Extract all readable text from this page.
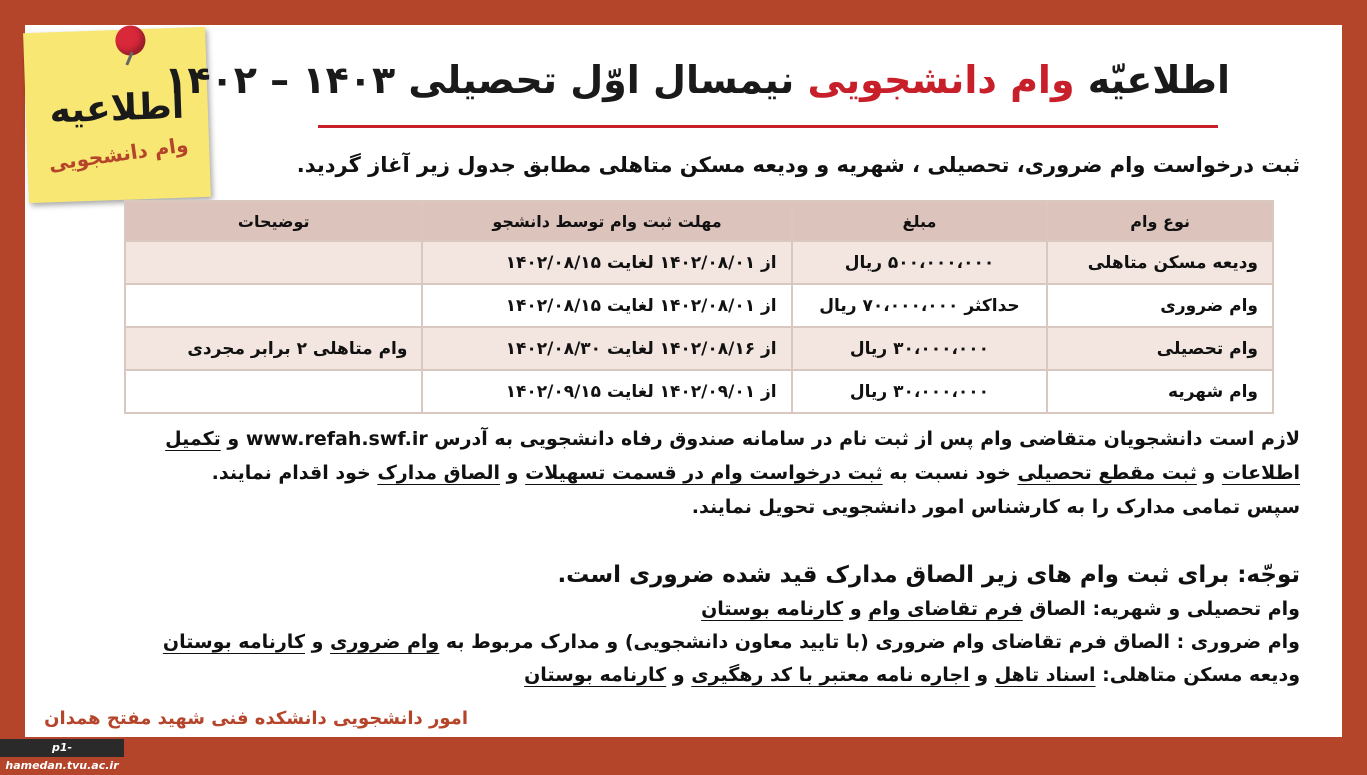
اطلاعیه
وام دانشجویی
اطلاعیّه وام دانشجویی نیمسال اوّل تحصیلی ۱۴۰۳ – ۱۴۰۲
ثبت درخواست وام ضروری، تحصیلی ، شهریه و ودیعه مسکن متاهلی مطابق جدول زیر آغاز گردید.
نوع وام	مبلغ	مهلت ثبت وام توسط دانشجو	توضیحات
ودیعه مسکن متاهلی	۵۰۰،۰۰۰،۰۰۰ ریال	از ۱۴۰۲/۰۸/۰۱ لغایت ۱۴۰۲/۰۸/۱۵	
وام ضروری	حداکثر ۷۰،۰۰۰،۰۰۰ ریال	از ۱۴۰۲/۰۸/۰۱ لغایت ۱۴۰۲/۰۸/۱۵	
وام تحصیلی	۳۰،۰۰۰،۰۰۰ ریال	از ۱۴۰۲/۰۸/۱۶ لغایت ۱۴۰۲/۰۸/۳۰	وام متاهلی ۲ برابر مجردی
وام شهریه	۳۰،۰۰۰،۰۰۰ ریال	از ۱۴۰۲/۰۹/۰۱ لغایت ۱۴۰۲/۰۹/۱۵	
لازم است دانشجویان متقاضی وام پس از ثبت نام در سامانه صندوق رفاه دانشجویی به آدرس www.refah.swf.ir و تکمیل
اطلاعات و ثبت مقطع تحصیلی خود نسبت به ثبت درخواست وام در قسمت تسهیلات و الصاق مدارک خود اقدام نمایند.
سپس تمامی مدارک را به کارشناس امور دانشجویی تحویل نمایند.
توجّه: برای ثبت وام های زیر الصاق مدارک قید شده ضروری است.
وام تحصیلی و شهریه: الصاق فرم تقاضای وام و کارنامه بوستان
وام ضروری : الصاق فرم تقاضای وام ضروری (با تایید معاون دانشجویی) و مدارک مربوط به وام ضروری و کارنامه بوستان
ودیعه مسکن متاهلی: اسناد تاهل و اجاره نامه معتبر با کد رهگیری و کارنامه بوستان
امور دانشجویی دانشکده فنی شهید مفتح همدان
p1-hamedan.tvu.ac.ir
